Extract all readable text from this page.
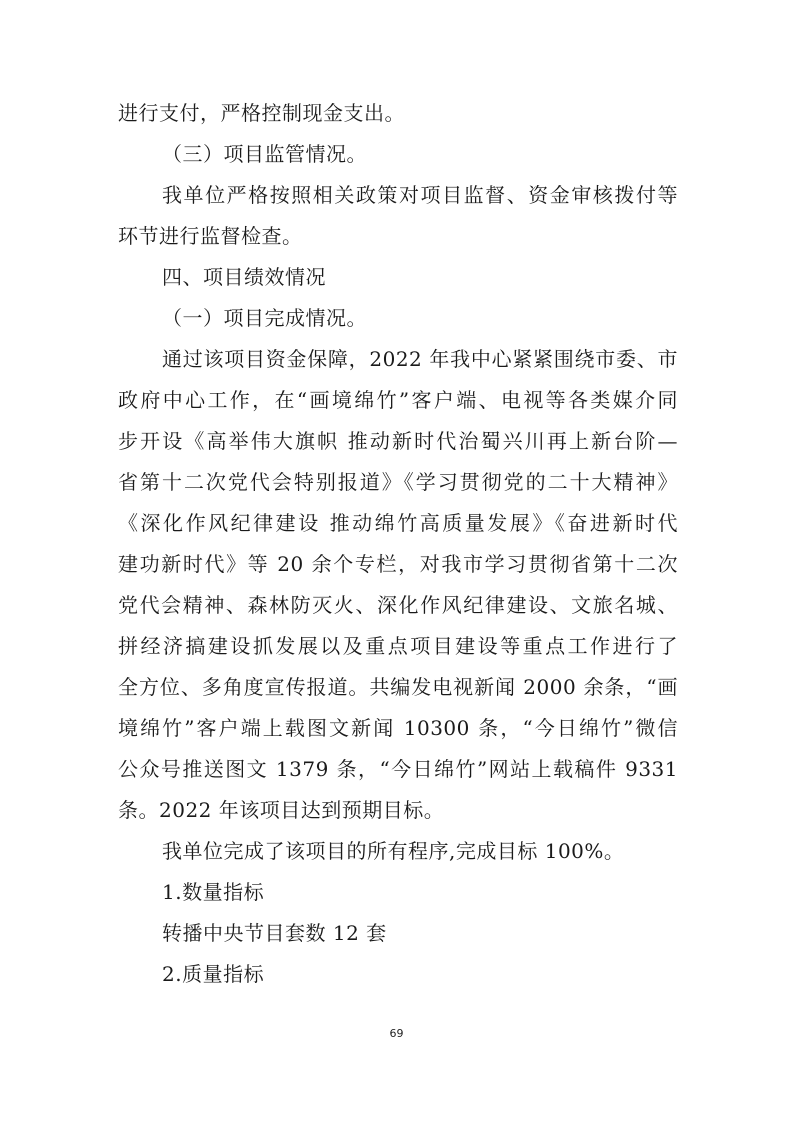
进行支付，严格控制现金支出。
（三）项目监管情况。
我单位严格按照相关政策对项目监督、资金审核拨付等
环节进行监督检查。
四、项目绩效情况
（一）项目完成情况。
通过该项目资金保障，2022 年我中心紧紧围绕市委、市
政府中心工作，在“画境绵竹”客户端、电视等各类媒介同
步开设《高举伟大旗帜 推动新时代治蜀兴川再上新台阶—
省第十二次党代会特别报道》《学习贯彻党的二十大精神》
《深化作风纪律建设 推动绵竹高质量发展》《奋进新时代
建功新时代》等 20 余个专栏，对我市学习贯彻省第十二次
党代会精神、森林防灭火、深化作风纪律建设、文旅名城、
拼经济搞建设抓发展以及重点项目建设等重点工作进行了
全方位、多角度宣传报道。共编发电视新闻 2000 余条，“画
境绵竹”客户端上载图文新闻 10300 条，“今日绵竹”微信
公众号推送图文 1379 条，“今日绵竹”网站上载稿件 9331
条。2022 年该项目达到预期目标。
我单位完成了该项目的所有程序,完成目标 100%。
1.数量指标
转播中央节目套数 12 套
2.质量指标
69
